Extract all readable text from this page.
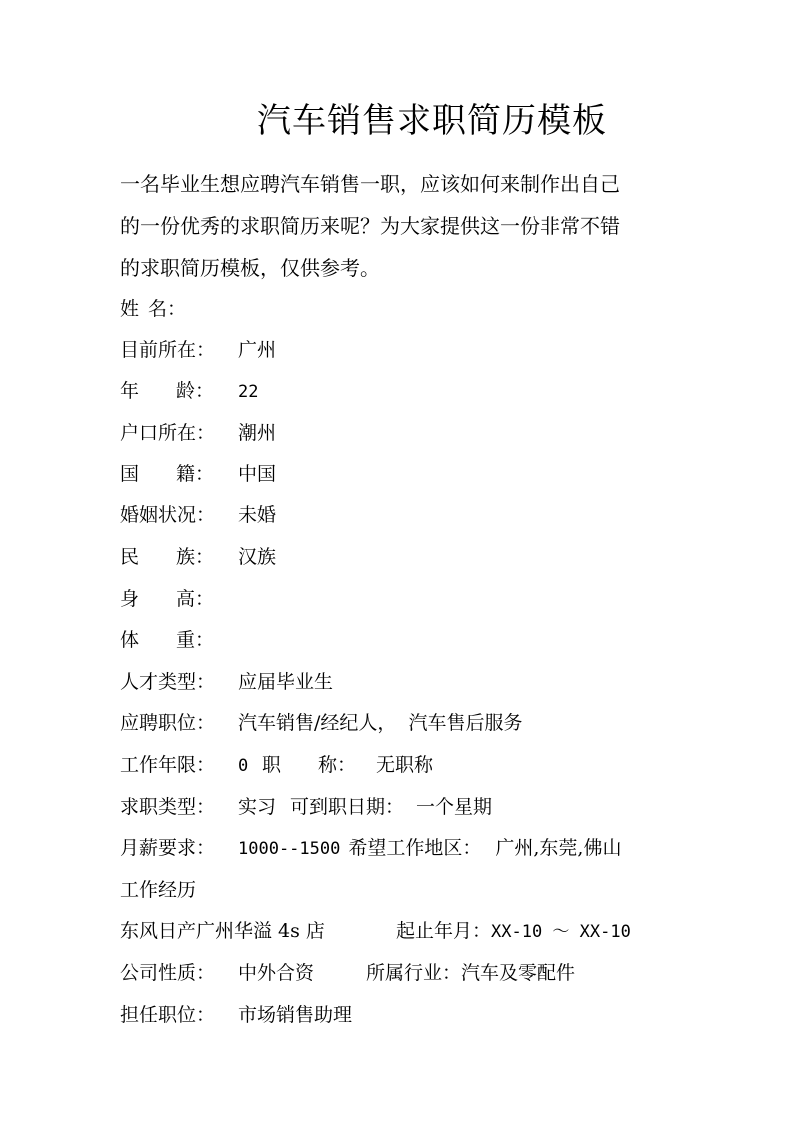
汽车销售求职简历模板

一名毕业生想应聘汽车销售一职，应该如何来制作出自己
的一份优秀的求职简历来呢？为大家提供这一份非常不错
的求职简历模板，仅供参考。

姓 名：
目前所在： 广州
年 龄： 22
户口所在： 潮州
国 籍： 中国
婚姻状况： 未婚
民 族： 汉族
身 高：
体 重：
人才类型： 应届毕业生
应聘职位： 汽车销售/经纪人，  汽车售后服务
工作年限： 0 职 称： 无职称
求职类型： 实习 可到职日期： 一个星期
月薪要求： 1000--1500 希望工作地区： 广州,东莞,佛山
工作经历
东风日产广州华溢 4s 店	起止年月：XX-10 ～ XX-10
公司性质： 中外合资	所属行业：汽车及零配件
担任职位： 市场销售助理
